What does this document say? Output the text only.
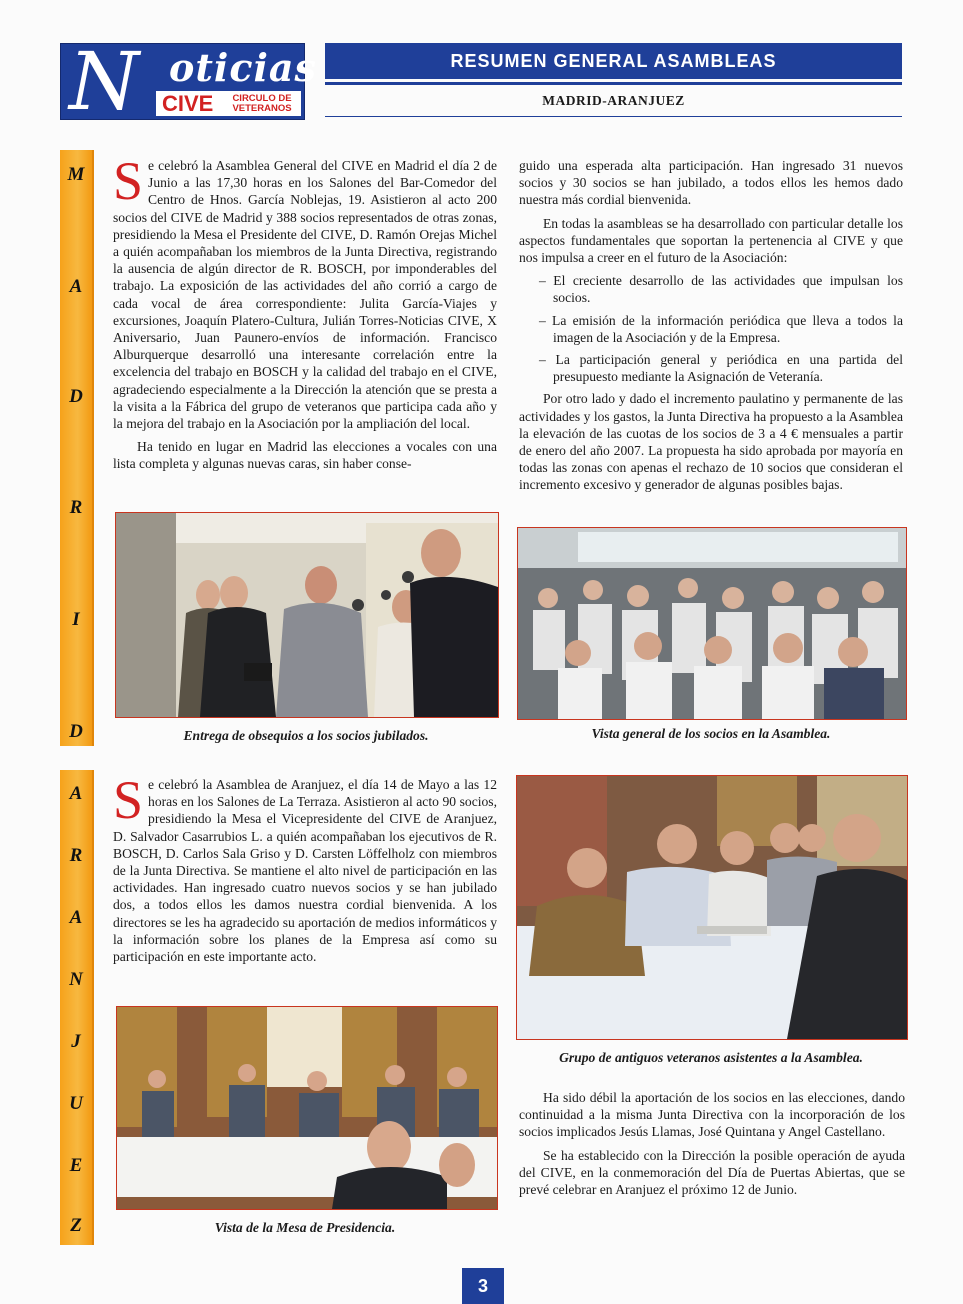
N oticias
CIVE	CIRCULO DE VETERANOS
RESUMEN GENERAL ASAMBLEAS
MADRID-ARANJUEZ
M
A
D
R
I
D
A
R
A
N
J
U
E
Z

Se celebró la Asamblea General del CIVE en Madrid el día 2 de Junio a las 17,30 horas en los Salones del Bar-Comedor del Centro de Hnos. García Noblejas, 19. Asistieron al acto 200 socios del CIVE de Madrid y 388 socios representados de otras zonas, presidiendo la Mesa el Presidente del CIVE, D. Ramón Orejas Michel a quién acompañaban los miembros de la Junta Directiva, registrando la ausencia de algún director de R. BOSCH, por imponderables del trabajo. La exposición de las actividades del año corrió a cargo de cada vocal de área correspondiente: Julita García-Viajes y excursiones, Joaquín Platero-Cultura, Julián Torres-Noticias CIVE, X Aniversario, Juan Paunero-envíos de información. Francisco Alburquerque desarrolló una interesante correlación entre la excelencia del trabajo en BOSCH y la calidad del trabajo en el CIVE, agradeciendo especialmente a la Dirección la atención que se presta a la visita a la Fábrica del grupo de veteranos que participa cada año y la mejora del trabajo en la Asociación por la ampliación del local.

Ha tenido en lugar en Madrid las elecciones a vocales con una lista completa y algunas nuevas caras, sin haber conse-

Entrega de obsequios a los socios jubilados.

guido una esperada alta participación. Han ingresado 31 nuevos socios y 30 socios se han jubilado, a todos ellos les hemos dado nuestra más cordial bienvenida.

En todas la asambleas se ha desarrollado con particular detalle los aspectos fundamentales que soportan la pertenencia al CIVE y que nos impulsa a creer en el futuro de la Asociación:

– El creciente desarrollo de las actividades que impulsan los socios.
– La emisión de la información periódica que lleva a todos la imagen de la Asociación y de la Empresa.
– La participación general y periódica en una partida del presupuesto mediante la Asignación de Veteranía.

Por otro lado y dado el incremento paulatino y permanente de las actividades y los gastos, la Junta Directiva ha propuesto a la Asamblea la elevación de las cuotas de los socios de 3 a 4 € mensuales a partir de enero del año 2007. La propuesta ha sido aprobada por mayoría en todas las zonas con apenas el rechazo de 10 socios que consideran el incremento excesivo y generador de algunas posibles bajas.

Vista general de los socios en la Asamblea.

Se celebró la Asamblea de Aranjuez, el día 14 de Mayo a las 12 horas en los Salones de La Terraza. Asistieron al acto 90 socios, presidiendo la Mesa el Vicepresidente del CIVE de Aranjuez, D. Salvador Casarrubios L. a quién acompañaban los ejecutivos de R. BOSCH, D. Carlos Sala Griso y D. Carsten Löffelholz con miembros de la Junta Directiva. Se mantiene el alto nivel de participación en las actividades. Han ingresado cuatro nuevos socios y se han jubilado dos, a todos ellos les damos nuestra cordial bienvenida. A los directores se les ha agradecido su aportación de medios informáticos y la información sobre los planes de la Empresa así como su participación en este importante acto.

Vista de la Mesa de Presidencia.
Grupo de antiguos veteranos asistentes a la Asamblea.

Ha sido débil la aportación de los socios en las elecciones, dando continuidad a la misma Junta Directiva con la incorporación de los socios implicados Jesús Llamas, José Quintana y Angel Castellano.

Se ha establecido con la Dirección la posible operación de ayuda del CIVE, en la conmemoración del Día de Puertas Abiertas, que se prevé celebrar en Aranjuez el próximo 12 de Junio.

3
